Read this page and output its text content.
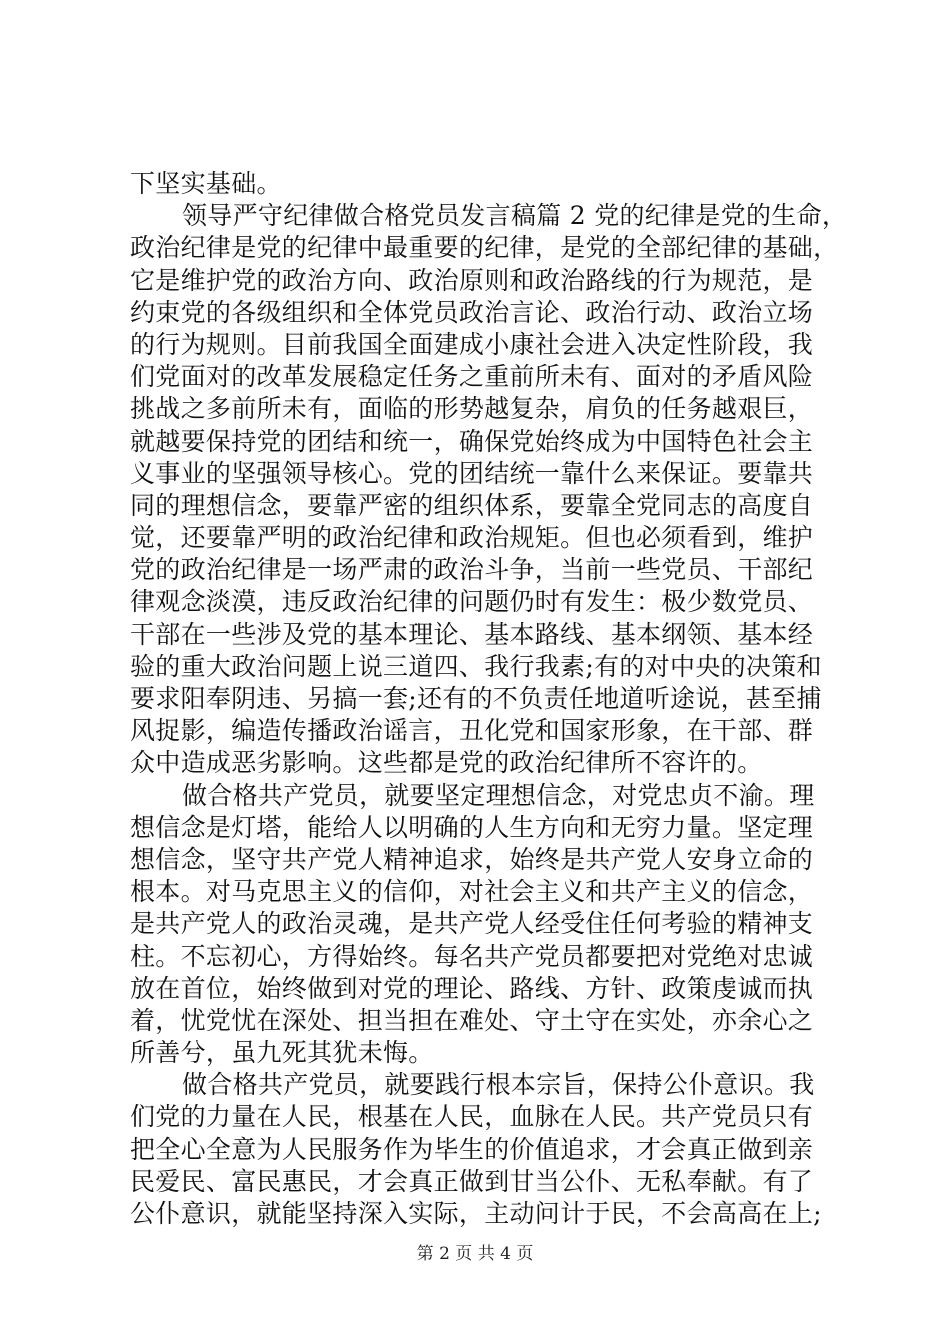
下坚实基础。
领导严守纪律做合格党员发言稿篇 2 党的纪律是党的生命，
政治纪律是党的纪律中最重要的纪律，是党的全部纪律的基础，
它是维护党的政治方向、政治原则和政治路线的行为规范，是
约束党的各级组织和全体党员政治言论、政治行动、政治立场
的行为规则。目前我国全面建成小康社会进入决定性阶段，我
们党面对的改革发展稳定任务之重前所未有、面对的矛盾风险
挑战之多前所未有，面临的形势越复杂，肩负的任务越艰巨，
就越要保持党的团结和统一，确保党始终成为中国特色社会主
义事业的坚强领导核心。党的团结统一靠什么来保证。要靠共
同的理想信念，要靠严密的组织体系，要靠全党同志的高度自
觉，还要靠严明的政治纪律和政治规矩。但也必须看到，维护
党的政治纪律是一场严肃的政治斗争，当前一些党员、干部纪
律观念淡漠，违反政治纪律的问题仍时有发生：极少数党员、
干部在一些涉及党的基本理论、基本路线、基本纲领、基本经
验的重大政治问题上说三道四、我行我素;有的对中央的决策和
要求阳奉阴违、另搞一套;还有的不负责任地道听途说，甚至捕
风捉影，编造传播政治谣言，丑化党和国家形象，在干部、群
众中造成恶劣影响。这些都是党的政治纪律所不容许的。
做合格共产党员，就要坚定理想信念，对党忠贞不渝。理
想信念是灯塔，能给人以明确的人生方向和无穷力量。坚定理
想信念，坚守共产党人精神追求，始终是共产党人安身立命的
根本。对马克思主义的信仰，对社会主义和共产主义的信念，
是共产党人的政治灵魂，是共产党人经受住任何考验的精神支
柱。不忘初心，方得始终。每名共产党员都要把对党绝对忠诚
放在首位，始终做到对党的理论、路线、方针、政策虔诚而执
着，忧党忧在深处、担当担在难处、守土守在实处，亦余心之
所善兮，虽九死其犹未悔。
做合格共产党员，就要践行根本宗旨，保持公仆意识。我
们党的力量在人民，根基在人民，血脉在人民。共产党员只有
把全心全意为人民服务作为毕生的价值追求，才会真正做到亲
民爱民、富民惠民，才会真正做到甘当公仆、无私奉献。有了
公仆意识，就能坚持深入实际，主动问计于民，不会高高在上;
第 2 页 共 4 页
